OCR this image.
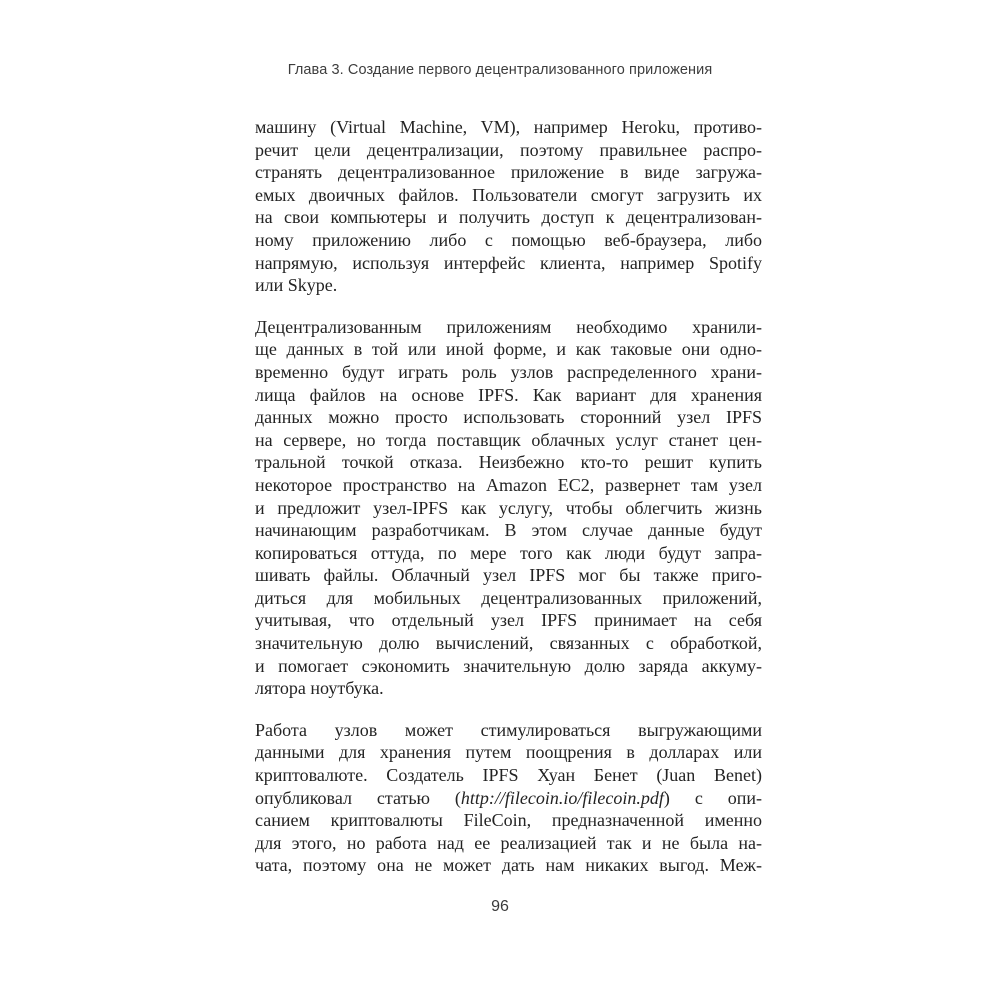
Глава 3. Создание первого децентрализованного приложения
машину (Virtual Machine, VM), например Heroku, противо-
речит цели децентрализации, поэтому правильнее распро-
странять децентрализованное приложение в виде загружа-
емых двоичных файлов. Пользователи смогут загрузить их
на свои компьютеры и получить доступ к децентрализован-
ному приложению либо с помощью веб-браузера, либо
напрямую, используя интерфейс клиента, например Spotify
или Skype.
Децентрализованным приложениям необходимо хранили-
ще данных в той или иной форме, и как таковые они одно-
временно будут играть роль узлов распределенного храни-
лища файлов на основе IPFS. Как вариант для хранения
данных можно просто использовать сторонний узел IPFS
на сервере, но тогда поставщик облачных услуг станет цен-
тральной точкой отказа. Неизбежно кто-то решит купить
некоторое пространство на Amazon EC2, развернет там узел
и предложит узел-IPFS как услугу, чтобы облегчить жизнь
начинающим разработчикам. В этом случае данные будут
копироваться оттуда, по мере того как люди будут запра-
шивать файлы. Облачный узел IPFS мог бы также приго-
диться для мобильных децентрализованных приложений,
учитывая, что отдельный узел IPFS принимает на себя
значительную долю вычислений, связанных с обработкой,
и помогает сэкономить значительную долю заряда аккуму-
лятора ноутбука.
Работа узлов может стимулироваться выгружающими
данными для хранения путем поощрения в долларах или
криптовалюте. Создатель IPFS Хуан Бенет (Juan Benet)
опубликовал статью (http://filecoin.io/filecoin.pdf) с опи-
санием криптовалюты FileCoin, предназначенной именно
для этого, но работа над ее реализацией так и не была на-
чата, поэтому она не может дать нам никаких выгод. Меж-
96
